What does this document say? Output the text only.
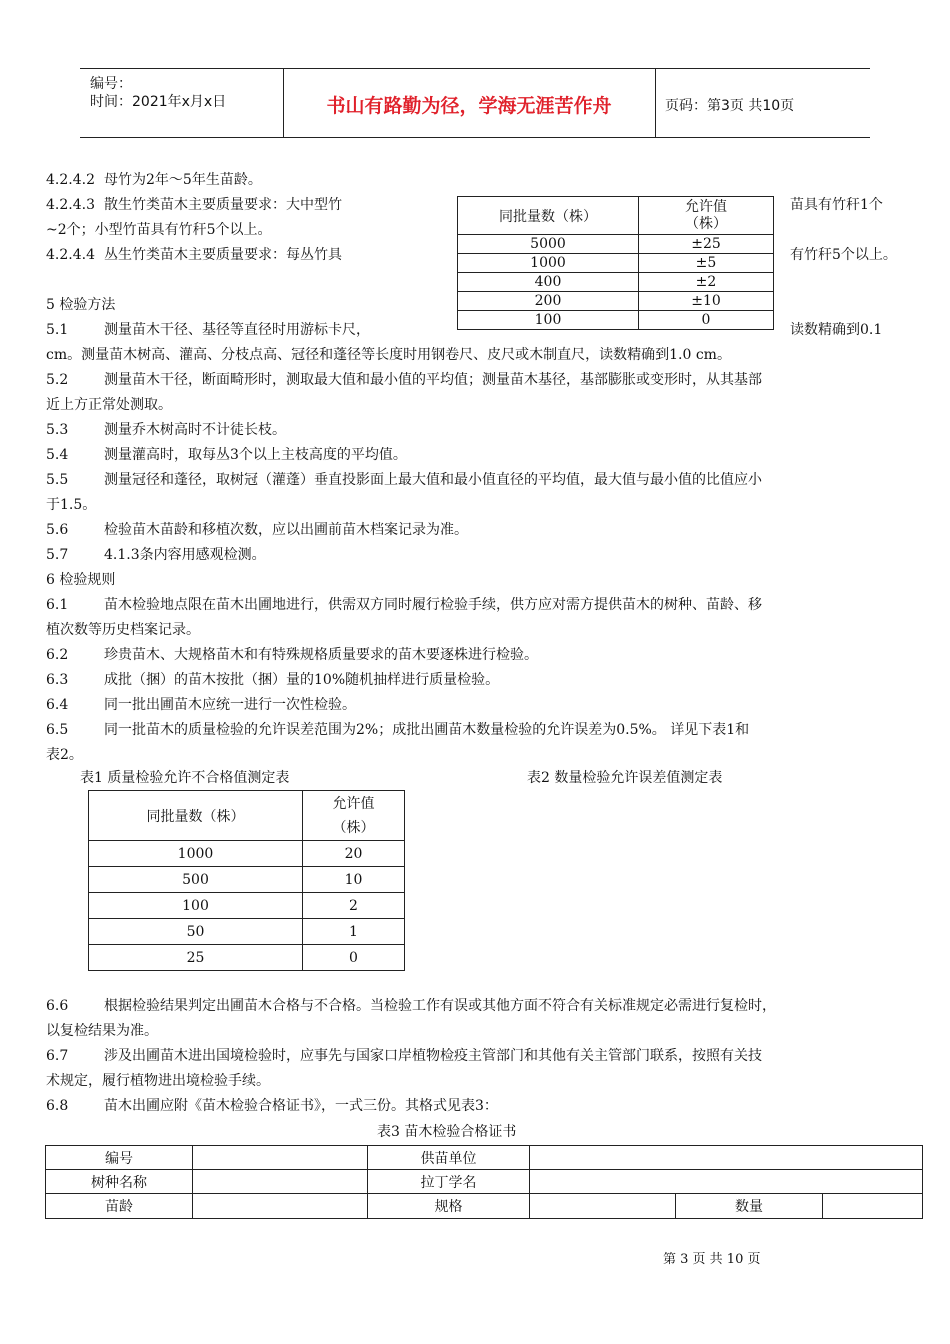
编号：
时间：2021年x月x日	书山有路勤为径，学海无涯苦作舟	页码：第3页 共10页
4.2.4.2 母竹为2年～5年生苗龄。
4.2.4.3 散生竹类苗木主要质量要求：大中型竹	苗具有竹秆1个
~2个；小型竹苗具有竹秆5个以上。
4.2.4.4 丛生竹类苗木主要质量要求：每丛竹具	有竹秆5个以上。
5 检验方法
5.1	测量苗木干径、基径等直径时用游标卡尺，	读数精确到0.1
cm。测量苗木树高、灌高、分枝点高、冠径和蓬径等长度时用钢卷尺、皮尺或木制直尺，读数精确到1.0 cm。
同批量数（株）	允许值
（株）

5000	±25
1000	±5
400	±2
200	±10
100	0
5.2	测量苗木干径，断面畸形时，测取最大值和最小值的平均值；测量苗木基径，基部膨胀或变形时，从其基部
近上方正常处测取。
5.3	测量乔木树高时不计徒长枝。
5.4	测量灌高时，取每丛3个以上主枝高度的平均值。
5.5	测量冠径和蓬径，取树冠（灌蓬）垂直投影面上最大值和最小值直径的平均值，最大值与最小值的比值应小
于1.5。
5.6	检验苗木苗龄和移植次数，应以出圃前苗木档案记录为准。
5.7	4.1.3条内容用感观检测。
6 检验规则
6.1	苗木检验地点限在苗木出圃地进行，供需双方同时履行检验手续，供方应对需方提供苗木的树种、苗龄、移
植次数等历史档案记录。
6.2	珍贵苗木、大规格苗木和有特殊规格质量要求的苗木要逐株进行检验。
6.3	成批（捆）的苗木按批（捆）量的10%随机抽样进行质量检验。
6.4	同一批出圃苗木应统一进行一次性检验。
6.5	同一批苗木的质量检验的允许误差范围为2%；成批出圃苗木数量检验的允许误差为0.5%。 详见下表1和
表2。
表1 质量检验允许不合格值测定表	表2 数量检验允许误差值测定表
同批量数（株）	允许值
（株）

1000	20
500	10
100	2
50	1
25	0
6.6	根据检验结果判定出圃苗木合格与不合格。当检验工作有误或其他方面不符合有关标准规定必需进行复检时，
以复检结果为准。
6.7	涉及出圃苗木进出国境检验时，应事先与国家口岸植物检疫主管部门和其他有关主管部门联系，按照有关技
术规定，履行植物进出境检验手续。
6.8	苗木出圃应附《苗木检验合格证书》，一式三份。其格式见表3：
表3 苗木检验合格证书
编号		供苗单位			
树种名称		拉丁学名			
苗龄		规格		数量	
第 3 页 共 10 页
